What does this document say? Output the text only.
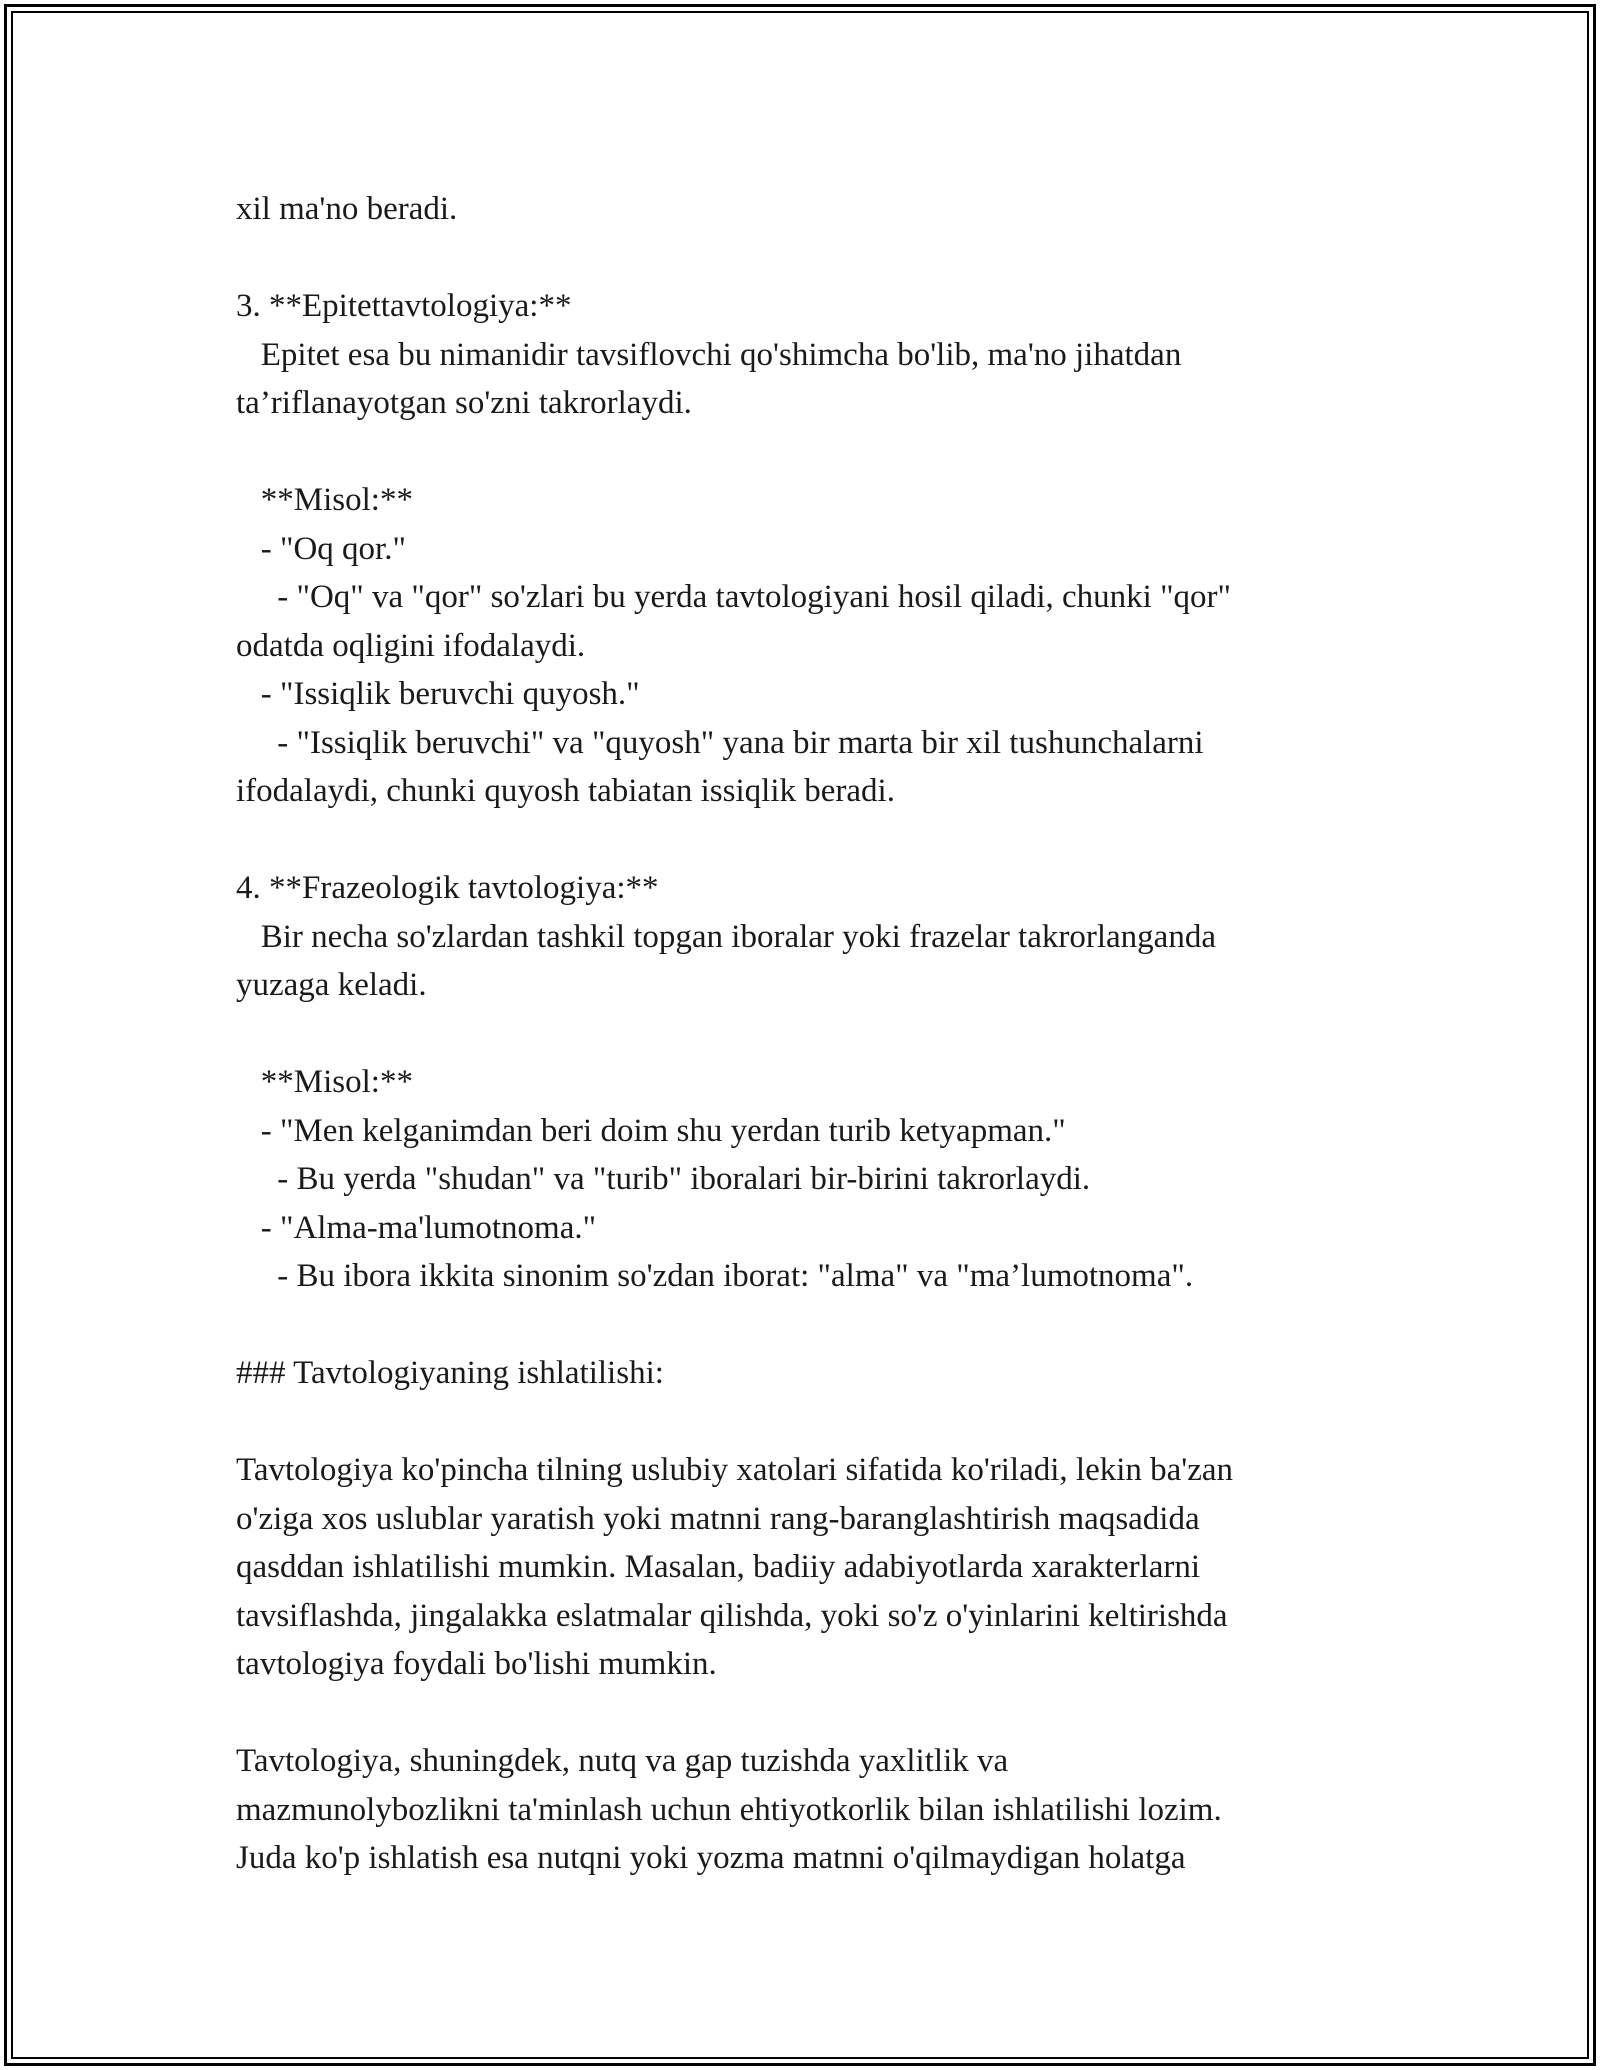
xil ma'no beradi.
3. **Epitettavtologiya:**
Epitet esa bu nimanidir tavsiflovchi qo'shimcha bo'lib, ma'no jihatdan
ta’riflanayotgan so'zni takrorlaydi.
**Misol:**
- "Oq qor."
- "Oq" va "qor" so'zlari bu yerda tavtologiyani hosil qiladi, chunki "qor"
odatda oqligini ifodalaydi.
- "Issiqlik beruvchi quyosh."
- "Issiqlik beruvchi" va "quyosh" yana bir marta bir xil tushunchalarni
ifodalaydi, chunki quyosh tabiatan issiqlik beradi.
4. **Frazeologik tavtologiya:**
Bir necha so'zlardan tashkil topgan iboralar yoki frazelar takrorlanganda
yuzaga keladi.
**Misol:**
- "Men kelganimdan beri doim shu yerdan turib ketyapman."
- Bu yerda "shudan" va "turib" iboralari bir-birini takrorlaydi.
- "Alma-ma'lumotnoma."
- Bu ibora ikkita sinonim so'zdan iborat: "alma" va "ma’lumotnoma".
### Tavtologiyaning ishlatilishi:
Tavtologiya ko'pincha tilning uslubiy xatolari sifatida ko'riladi, lekin ba'zan
o'ziga xos uslublar yaratish yoki matnni rang-baranglashtirish maqsadida
qasddan ishlatilishi mumkin. Masalan, badiiy adabiyotlarda xarakterlarni
tavsiflashda, jingalakka eslatmalar qilishda, yoki so'z o'yinlarini keltirishda
tavtologiya foydali bo'lishi mumkin.
Tavtologiya, shuningdek, nutq va gap tuzishda yaxlitlik va
mazmunolybozlikni ta'minlash uchun ehtiyotkorlik bilan ishlatilishi lozim.
Juda ko'p ishlatish esa nutqni yoki yozma matnni o'qilmaydigan holatga
